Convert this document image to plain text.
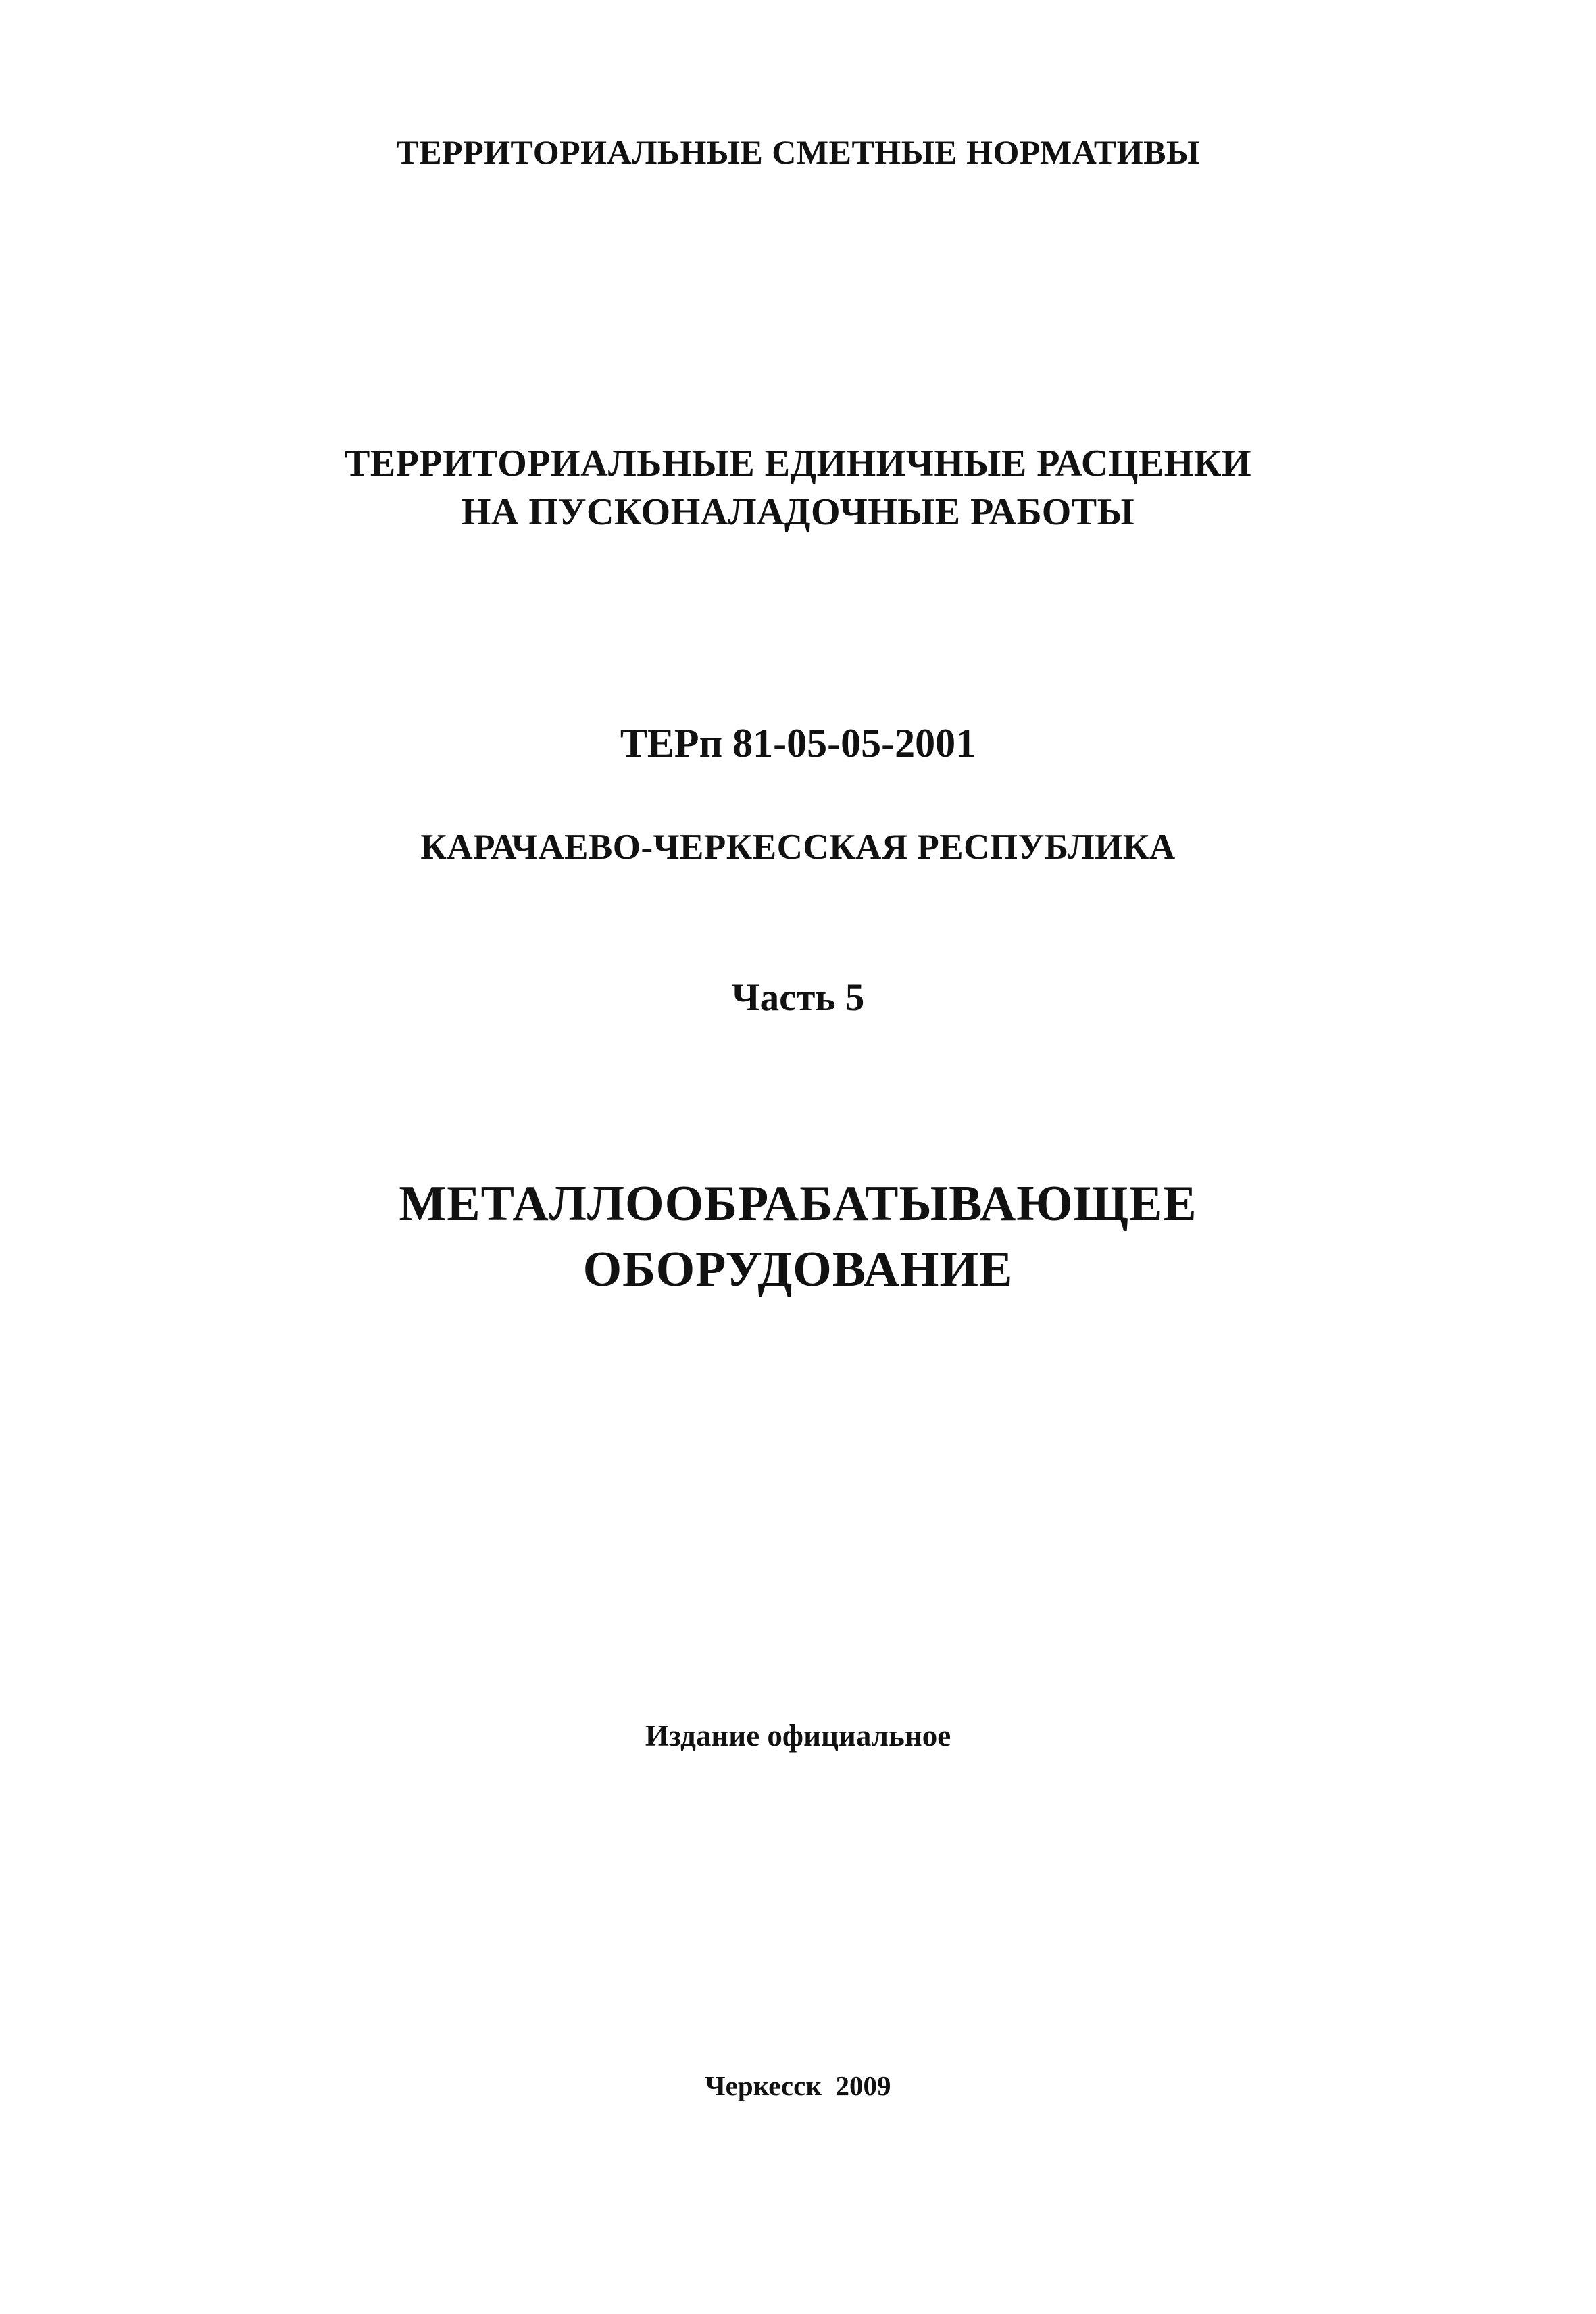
ТЕРРИТОРИАЛЬНЫЕ СМЕТНЫЕ НОРМАТИВЫ
ТЕРРИТОРИАЛЬНЫЕ ЕДИНИЧНЫЕ РАСЦЕНКИ
НА ПУСКОНАЛАДОЧНЫЕ РАБОТЫ
ТЕРп 81-05-05-2001
КАРАЧАЕВО-ЧЕРКЕССКАЯ РЕСПУБЛИКА
Часть 5
МЕТАЛЛООБРАБАТЫВАЮЩЕЕ
ОБОРУДОВАНИЕ
Издание официальное
Черкесск  2009
